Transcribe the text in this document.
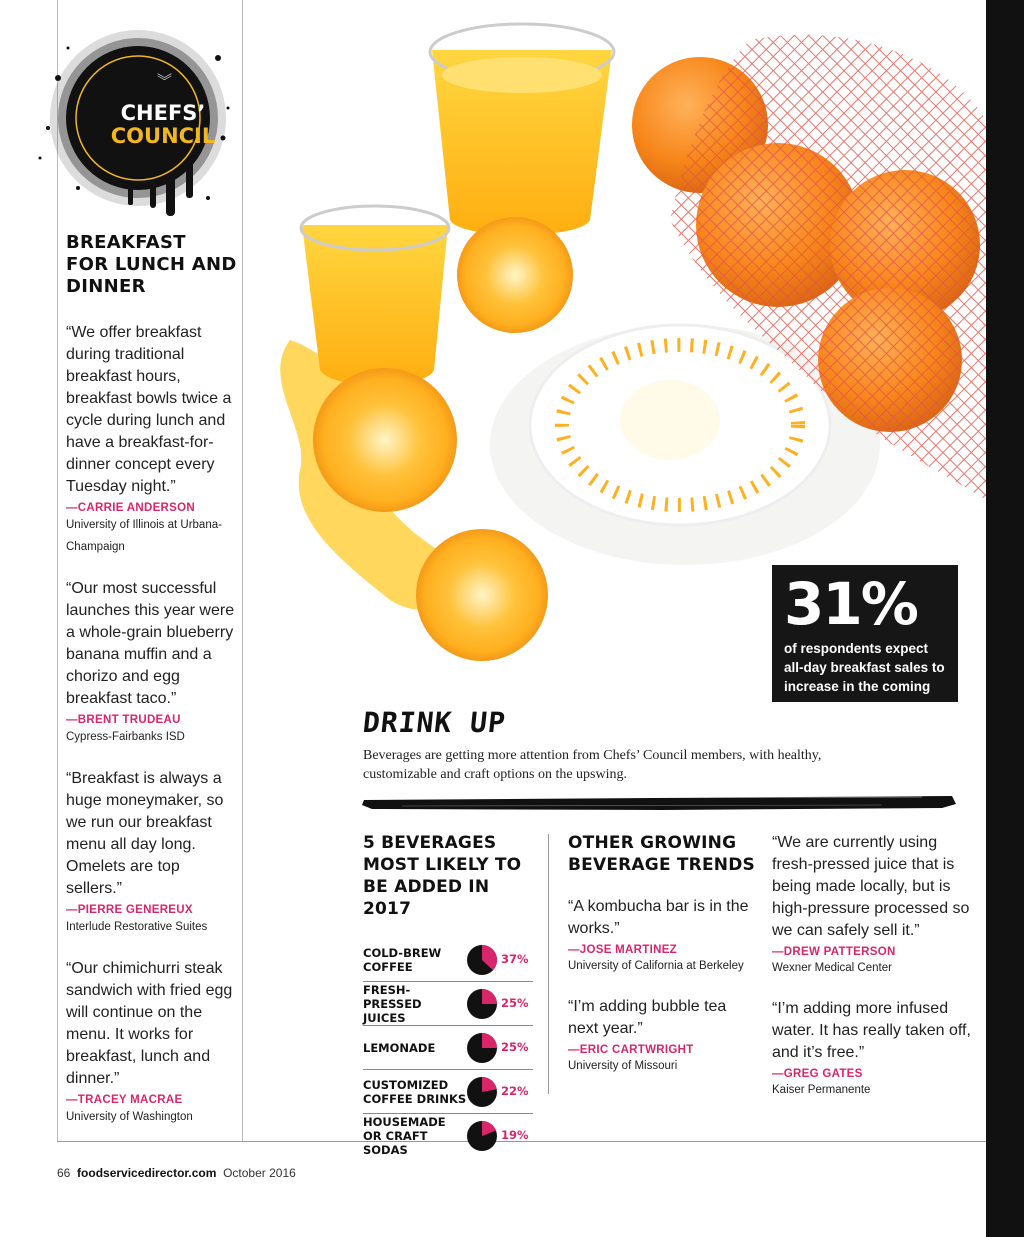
︾
CHEFS’
COUNCIL
BREAKFAST
FOR LUNCH AND
DINNER
“We offer breakfast during traditional breakfast hours, breakfast bowls twice a cycle during lunch and have a breakfast-for-dinner concept every Tuesday night.”
—CARRIE ANDERSON
University of Illinois at Urbana-Champaign
“Our most successful launches this year were a whole-grain blueberry banana muffin and a chorizo and egg breakfast taco.”
—BRENT TRUDEAU
Cypress-Fairbanks ISD
“Breakfast is always a huge moneymaker, so we run our breakfast menu all day long. Omelets are top sellers.”
—PIERRE GENEREUX
Interlude Restorative Suites
“Our chimichurri steak sandwich with fried egg will continue on the menu. It works for breakfast, lunch and dinner.”
—TRACEY MACRAE
University of Washington
31%
of respondents expect all-day breakfast sales to increase in the coming year
DRINK UP
Beverages are getting more attention from Chefs’ Council members, with healthy, customizable and craft options on the upswing.
5 BEVERAGES MOST LIKELY TO BE ADDED IN 2017
COLD-BREW COFFEE
37%
FRESH-PRESSED JUICES
25%
LEMONADE	25%
CUSTOMIZED COFFEE DRINKS
22%
HOUSEMADE OR CRAFT SODAS
19%
OTHER GROWING BEVERAGE TRENDS
“A kombucha bar is in the works.”
—JOSE MARTINEZ
University of California at Berkeley
“I’m adding bubble tea next year.”
—ERIC CARTWRIGHT
University of Missouri
“We are currently using fresh-pressed juice that is being made locally, but is high-pressure processed so we can safely sell it.”
—DREW PATTERSON
Wexner Medical Center
“I’m adding more infused water. It has really taken off, and it’s free.”
—GREG GATES
Kaiser Permanente
66 foodservicedirector.com October 2016
